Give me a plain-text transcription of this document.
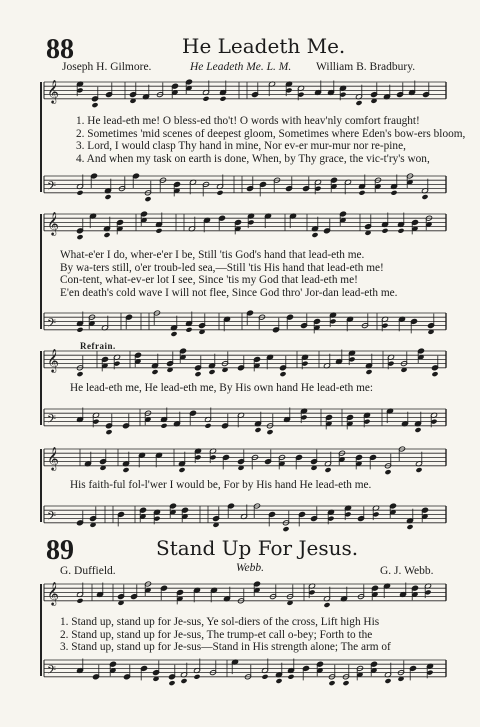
𝄞
𝄢
𝄞
𝄢
𝄞
𝄢
𝄞
𝄢
𝄞
𝄢
88	He Leadeth Me.
Joseph H. Gilmore.	He Leadeth Me. L. M. William B. Bradbury.
1. He lead-eth me! O bless-ed tho't! O words with heav'nly comfort fraught!
2. Sometimes 'mid scenes of deepest gloom, Sometimes where Eden's bow-ers bloom,
3. Lord, I would clasp Thy hand in mine, Nor ev-er mur-mur nor re-pine,
4. And when my task on earth is done, When, by Thy grace, the vic-t'ry's won,
What-e'er I do, wher-e'er I be, Still 'tis God's hand that lead-eth me.
By wa-ters still, o'er troub-led sea,—Still 'tis His hand that lead-eth me!
Con-tent, what-ev-er lot I see, Since 'tis my God that lead-eth me!
E'en death's cold wave I will not flee, Since God thro' Jor-dan lead-eth me.
Refrain.
He lead-eth me, He lead-eth me, By His own hand He lead-eth me:
His faith-ful fol-l'wer I would be, For by His hand He lead-eth me.
89	Stand Up For Jesus.
G. Duffield.	Webb.	G. J. Webb.
1. Stand up, stand up for Je-sus, Ye sol-diers of the cross, Lift high His
2. Stand up, stand up for Je-sus, The trump-et call o-bey; Forth to the
3. Stand up, stand up for Je-sus—Stand in His strength alone; The arm of
